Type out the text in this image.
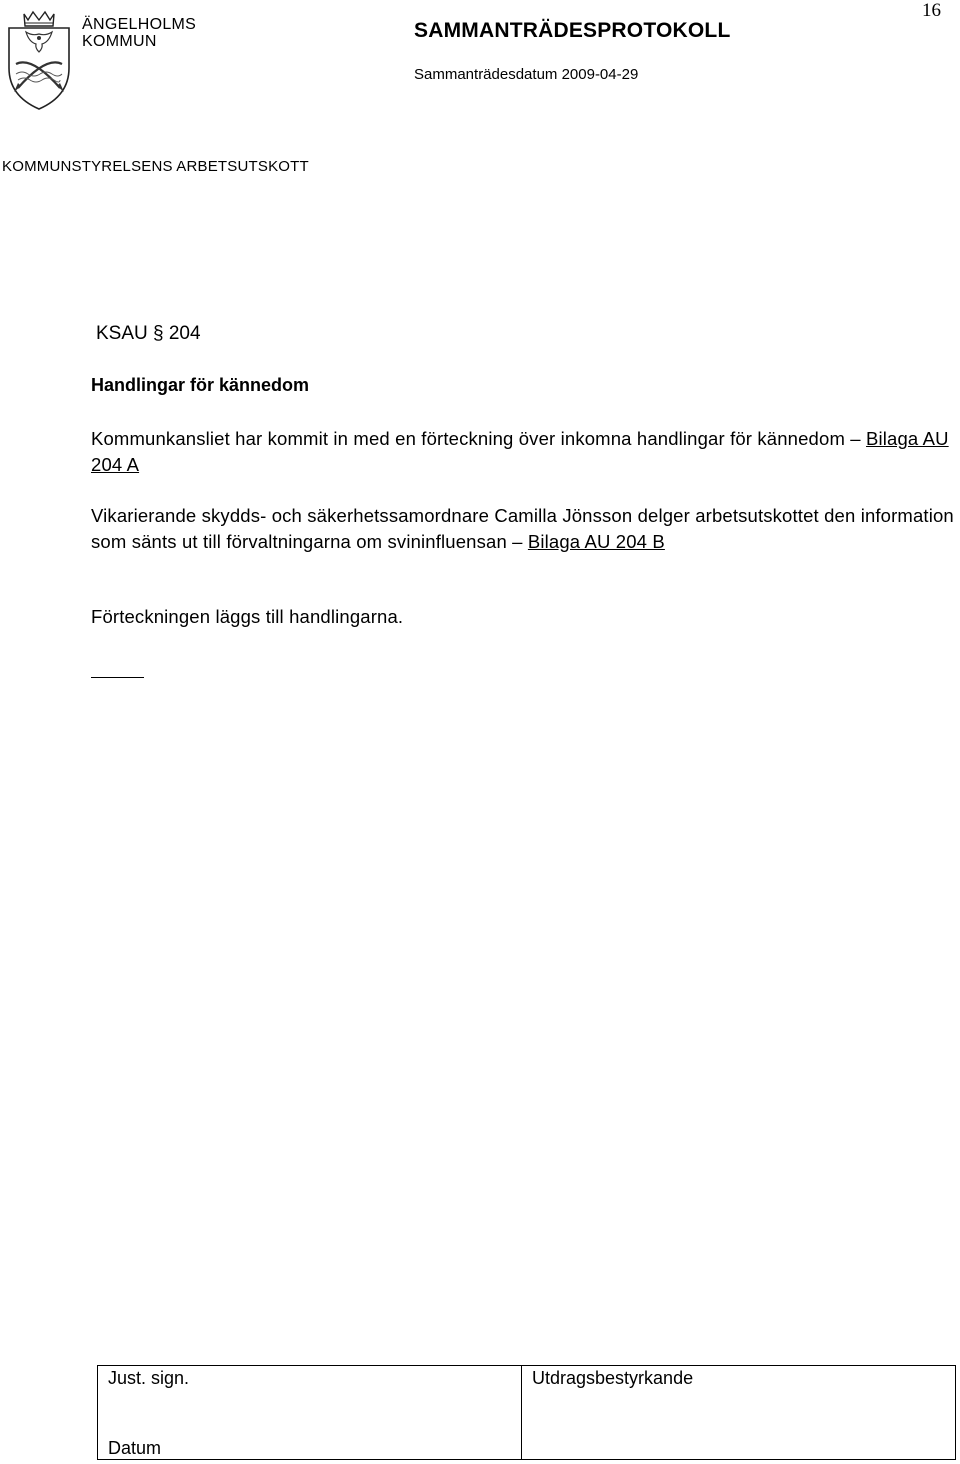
ÄNGELHOLMS
KOMMUN	SAMMANTRÄDESPROTOKOLL
Sammanträdesdatum 2009-04-29
16
KOMMUNSTYRELSENS ARBETSUTSKOTT
KSAU § 204
Handlingar för kännedom
Kommunkansliet har kommit in med en förteckning över inkomna handlingar för kännedom – Bilaga AU 204 A
Vikarierande skydds- och säkerhetssamordnare Camilla Jönsson delger arbetsutskottet den information som sänts ut till förvaltningarna om svininfluensan – Bilaga AU 204 B
Förteckningen läggs till handlingarna.
Just. sign.
Datum
Utdragsbestyrkande
